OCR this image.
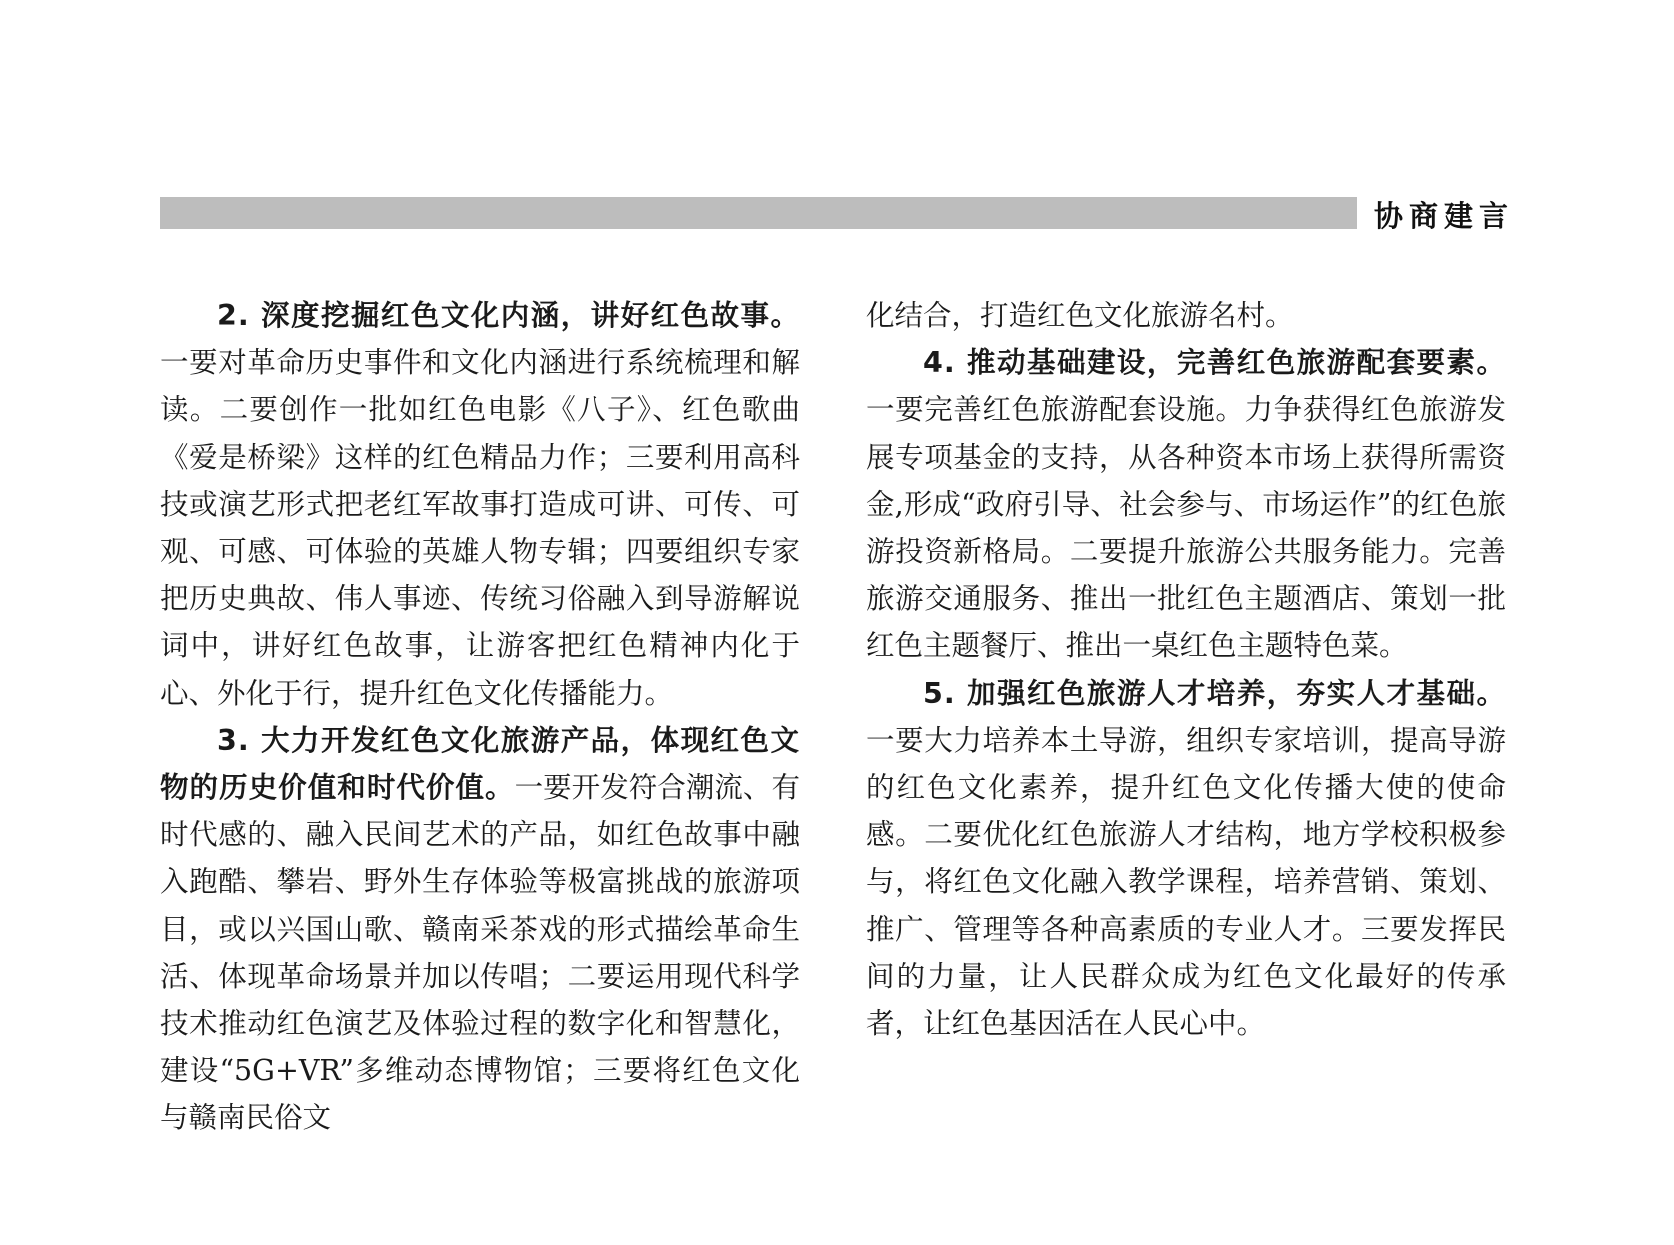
协商建言

2. 深度挖掘红色文化内涵，讲好红色故事。一要对革命历史事件和文化内涵进行系统梳理和解读。二要创作一批如红色电影《八子》、红色歌曲《爱是桥梁》这样的红色精品力作；三要利用高科技或演艺形式把老红军故事打造成可讲、可传、可观、可感、可体验的英雄人物专辑；四要组织专家把历史典故、伟人事迹、传统习俗融入到导游解说词中，讲好红色故事，让游客把红色精神内化于心、外化于行，提升红色文化传播能力。

3. 大力开发红色文化旅游产品，体现红色文物的历史价值和时代价值。一要开发符合潮流、有时代感的、融入民间艺术的产品，如红色故事中融入跑酷、攀岩、野外生存体验等极富挑战的旅游项目，或以兴国山歌、赣南采茶戏的形式描绘革命生活、体现革命场景并加以传唱；二要运用现代科学技术推动红色演艺及体验过程的数字化和智慧化，建设“5G+VR”多维动态博物馆；三要将红色文化与赣南民俗文

化结合，打造红色文化旅游名村。

4. 推动基础建设，完善红色旅游配套要素。一要完善红色旅游配套设施。力争获得红色旅游发展专项基金的支持，从各种资本市场上获得所需资金,形成“政府引导、社会参与、市场运作”的红色旅游投资新格局。二要提升旅游公共服务能力。完善旅游交通服务、推出一批红色主题酒店、策划一批红色主题餐厅、推出一桌红色主题特色菜。

5. 加强红色旅游人才培养，夯实人才基础。一要大力培养本土导游，组织专家培训，提高导游的红色文化素养，提升红色文化传播大使的使命感。二要优化红色旅游人才结构，地方学校积极参与，将红色文化融入教学课程，培养营销、策划、推广、管理等各种高素质的专业人才。三要发挥民间的力量，让人民群众成为红色文化最好的传承者，让红色基因活在人民心中。
